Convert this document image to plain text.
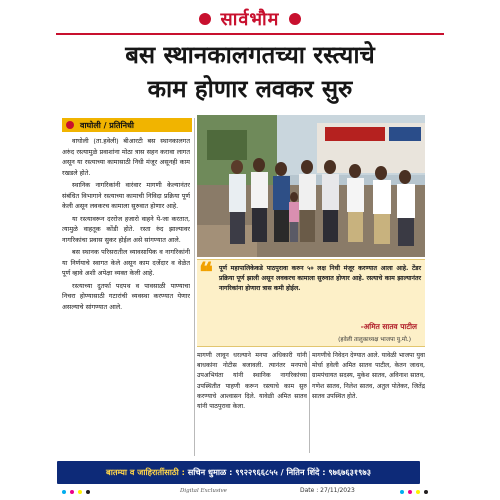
सार्वभौम
बस स्थानकालगतच्या रस्त्याचे
काम होणार लवकर सुरु
वाघोली / प्रतिनिधी

वाघोली (ता.हवेली) बीआरटी बस स्थानकालगत अरुंद रस्त्यामुळे प्रवाशांना मोठा त्रास सहन करावा लागत असून या रस्त्याच्या कामासाठी निधी मंजूर असूनही काम रखडले होते.

स्थानिक नागरिकांनी वारंवार मागणी केल्यानंतर संबंधित विभागाने रस्त्याच्या कामाची निविदा प्रक्रिया पूर्ण केली असून लवकरच कामाला सुरुवात होणार आहे.

या रस्त्यावरून दररोज हजारो वाहने ये-जा करतात, त्यामुळे वाहतूक कोंडी होते. रस्ता रुंद झाल्यावर नागरिकांचा प्रवास सुकर होईल असे सांगण्यात आले.

बस स्थानक परिसरातील व्यावसायिक व नागरिकांनी या निर्णयाचे स्वागत केले असून काम दर्जेदार व वेळेत पूर्ण व्हावे अशी अपेक्षा व्यक्त केली आहे.

रस्त्याच्या दुतर्फा पदपथ व पावसाळी पाण्याचा निचरा होण्यासाठी गटारांची व्यवस्था करण्यात येणार असल्याचे सांगण्यात आले.

❝ पूर्ण महापालिकेकडे पाठपुरावा करुन ५० लक्ष निधी मंजूर करण्यात आला आहे. टेंडर प्रक्रिया पूर्ण झाली असून लवकरच कामाला सुरुवात होणार आहे. रस्त्याचे काम झाल्यानंतर नागरिकांना होणारा त्रास कमी होईल.
-अमित सातव पाटील
(हवेली तालुकाध्यक्ष भाजपा यु.मो.)

मागणी लावून धरल्याने मनपा अधिकारी यांनी बाधकांना नोटीस बजावली. त्यानंतर मनपाचे उपअभियंता यांनी स्थानिक नागरिकांच्या उपस्थितीत पाहणी करून रस्त्याचे काम सुरु करण्याचे आश्वासन दिले. यावेळी अमित सातव यांनी पाठपुरावा केला.

मागणीचे निवेदन देण्यात आले. यावेळी भाजपा युवा मोर्चा हवेली अमित सातव पाटील, केतन जाधव, ग्रामपंचायत सदस्य, मुकेश सातव, अविनाश सातव, गणेश सातव, निलेश सातव, अतुल पोतेकर, जितेंद्र सातव उपस्थित होते.

बातम्या व जाहिरातींसाठी : सचिन धुमाळ : ९९२२९६६८५५ / नितिन शिंदे : ९७६७६३१९७३
Digital Exclusive	Date : 27/11/2023
